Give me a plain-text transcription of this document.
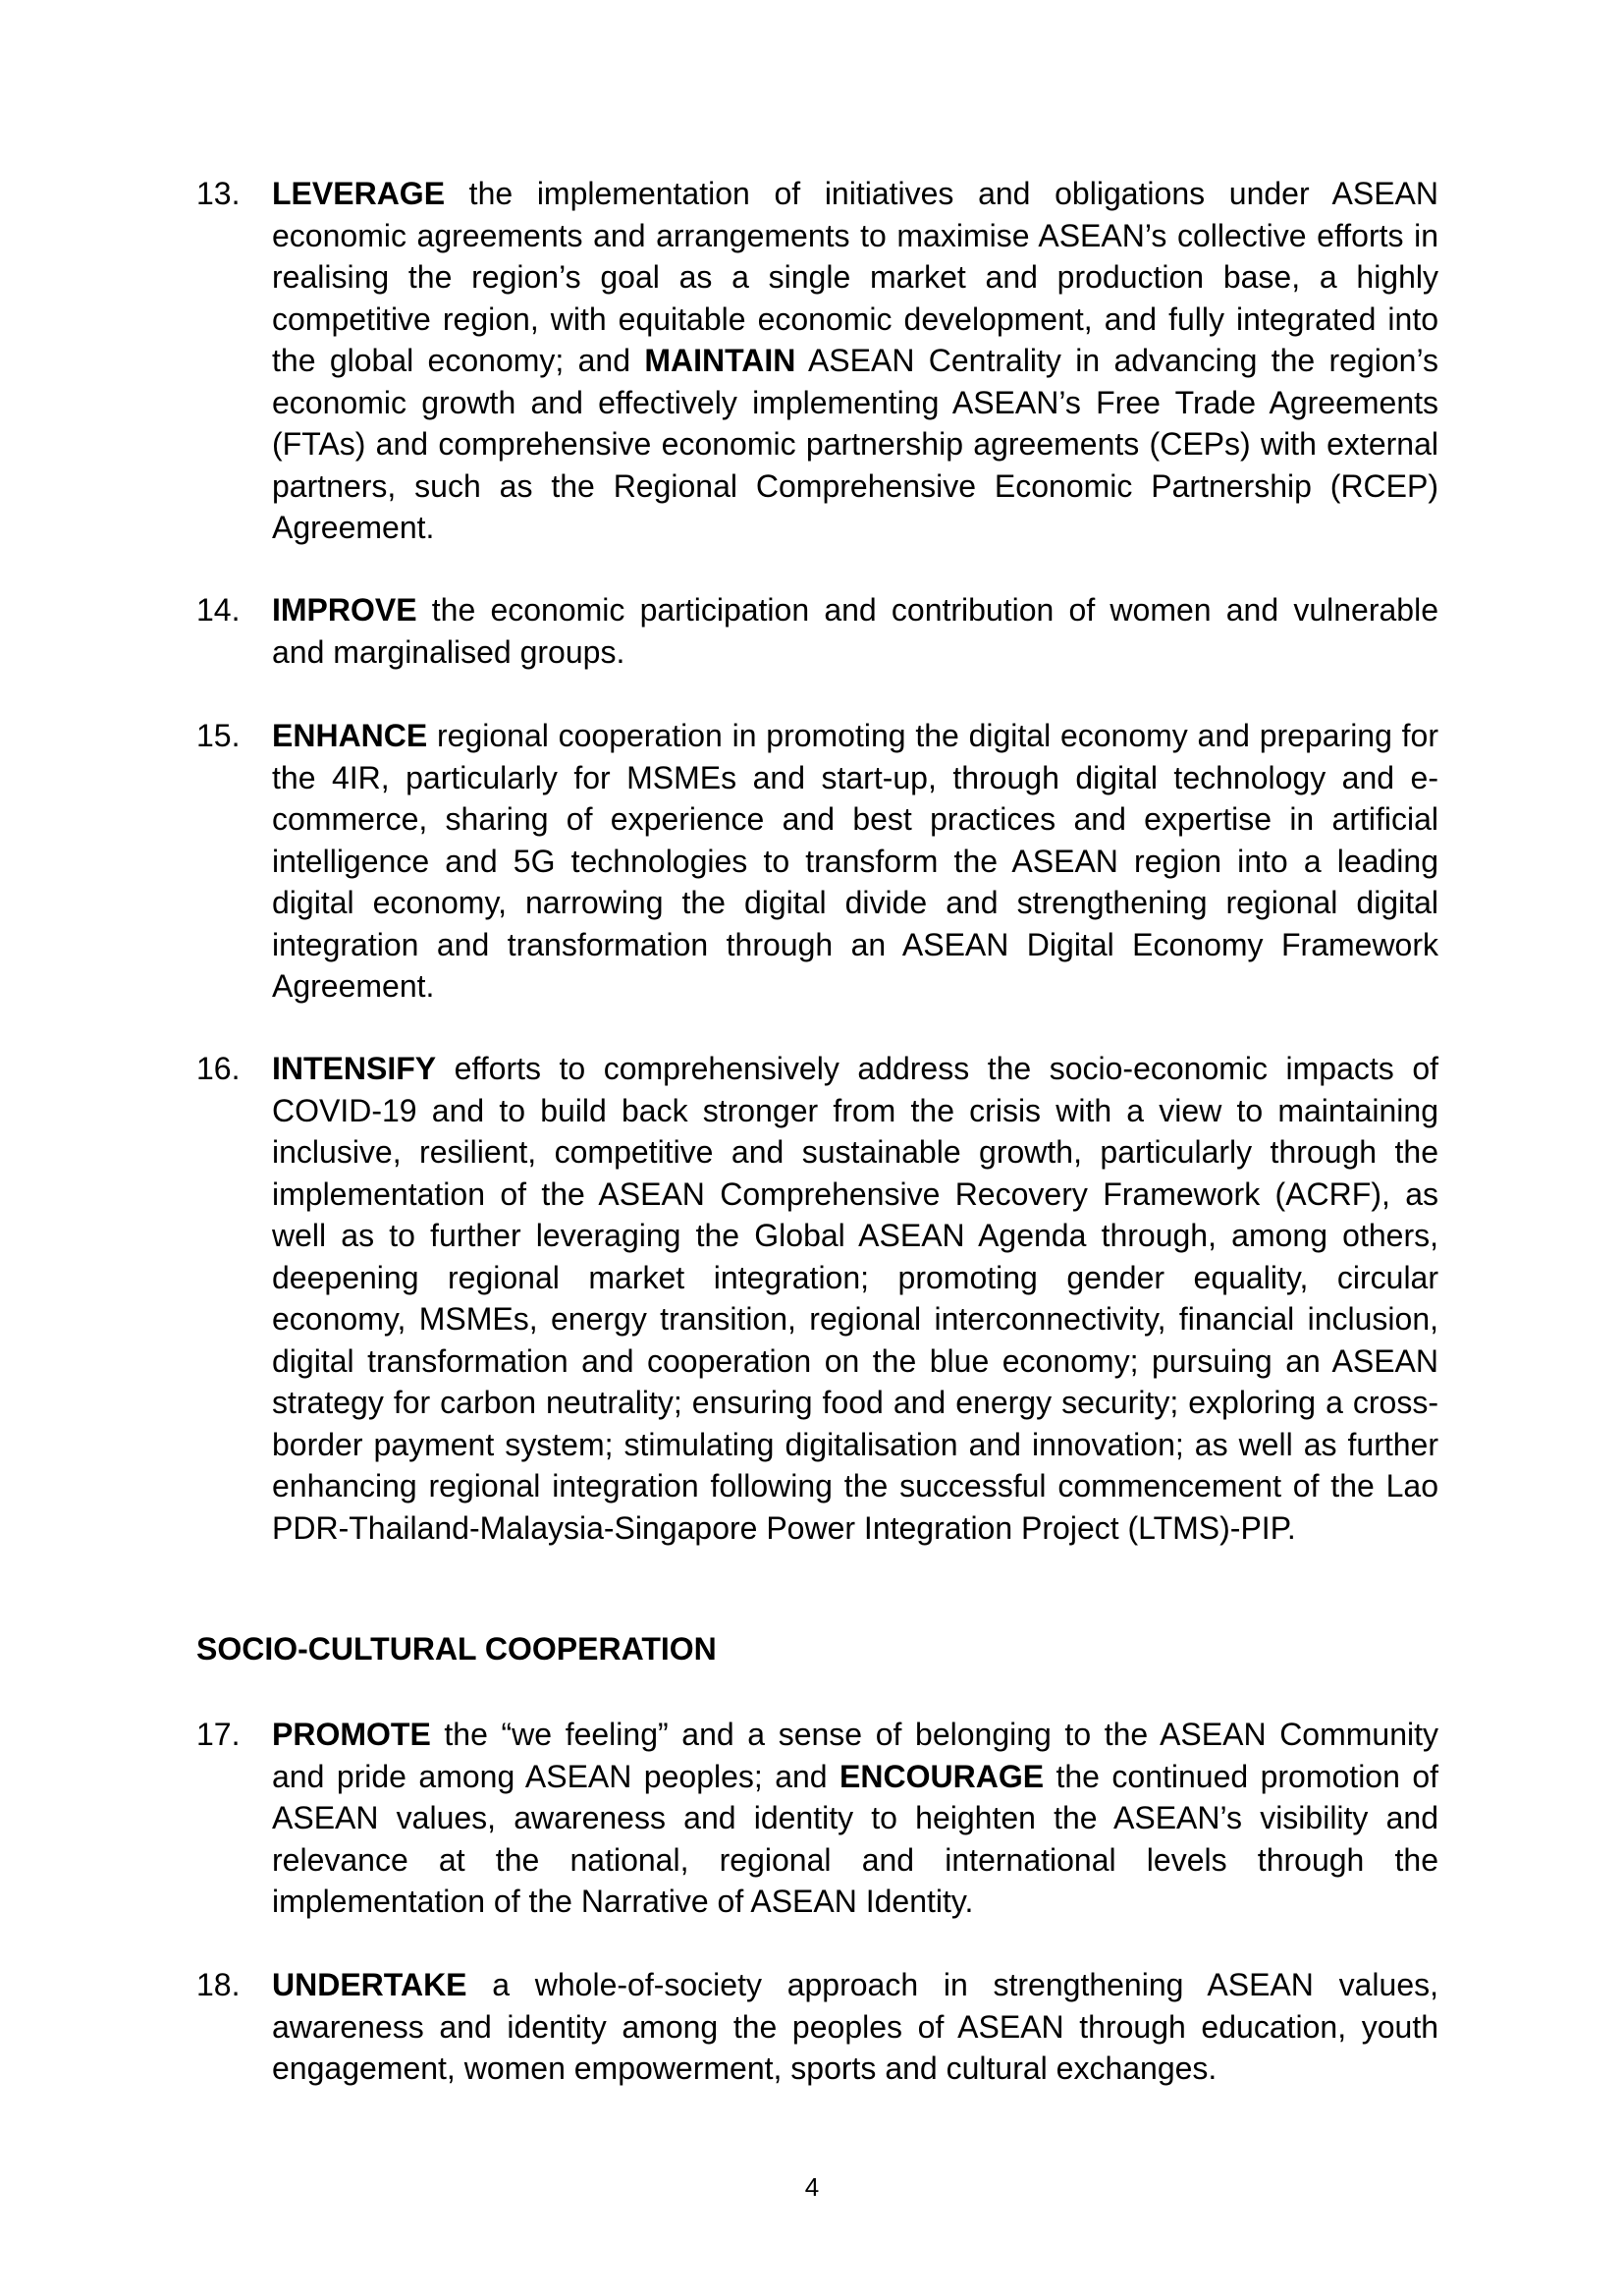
13.	LEVERAGE the implementation of initiatives and obligations under ASEAN economic agreements and arrangements to maximise ASEAN’s collective efforts in realising the region’s goal as a single market and production base, a highly competitive region, with equitable economic development, and fully integrated into the global economy; and MAINTAIN ASEAN Centrality in advancing the region’s economic growth and effectively implementing ASEAN’s Free Trade Agreements (FTAs) and comprehensive economic partnership agreements (CEPs) with external partners, such as the Regional Comprehensive Economic Partnership (RCEP) Agreement.
14.	IMPROVE the economic participation and contribution of women and vulnerable and marginalised groups.
15.	ENHANCE regional cooperation in promoting the digital economy and preparing for the 4IR, particularly for MSMEs and start-up, through digital technology and e-commerce, sharing of experience and best practices and expertise in artificial intelligence and 5G technologies to transform the ASEAN region into a leading digital economy, narrowing the digital divide and strengthening regional digital integration and transformation through an ASEAN Digital Economy Framework Agreement.
16.	INTENSIFY efforts to comprehensively address the socio-economic impacts of COVID-19 and to build back stronger from the crisis with a view to maintaining inclusive, resilient, competitive and sustainable growth, particularly through the implementation of the ASEAN Comprehensive Recovery Framework (ACRF), as well as to further leveraging the Global ASEAN Agenda through, among others, deepening regional market integration; promoting gender equality, circular economy, MSMEs, energy transition, regional interconnectivity, financial inclusion, digital transformation and cooperation on the blue economy; pursuing an ASEAN strategy for carbon neutrality; ensuring food and energy security; exploring a cross-border payment system; stimulating digitalisation and innovation; as well as further enhancing regional integration following the successful commencement of the Lao PDR-Thailand-Malaysia-Singapore Power Integration Project (LTMS)-PIP.
SOCIO-CULTURAL COOPERATION
17.	PROMOTE the “we feeling” and a sense of belonging to the ASEAN Community and pride among ASEAN peoples; and ENCOURAGE the continued promotion of ASEAN values, awareness and identity to heighten the ASEAN’s visibility and relevance at the national, regional and international levels through the implementation of the Narrative of ASEAN Identity.
18.	UNDERTAKE a whole-of-society approach in strengthening ASEAN values, awareness and identity among the peoples of ASEAN through education, youth engagement, women empowerment, sports and cultural exchanges.
4
